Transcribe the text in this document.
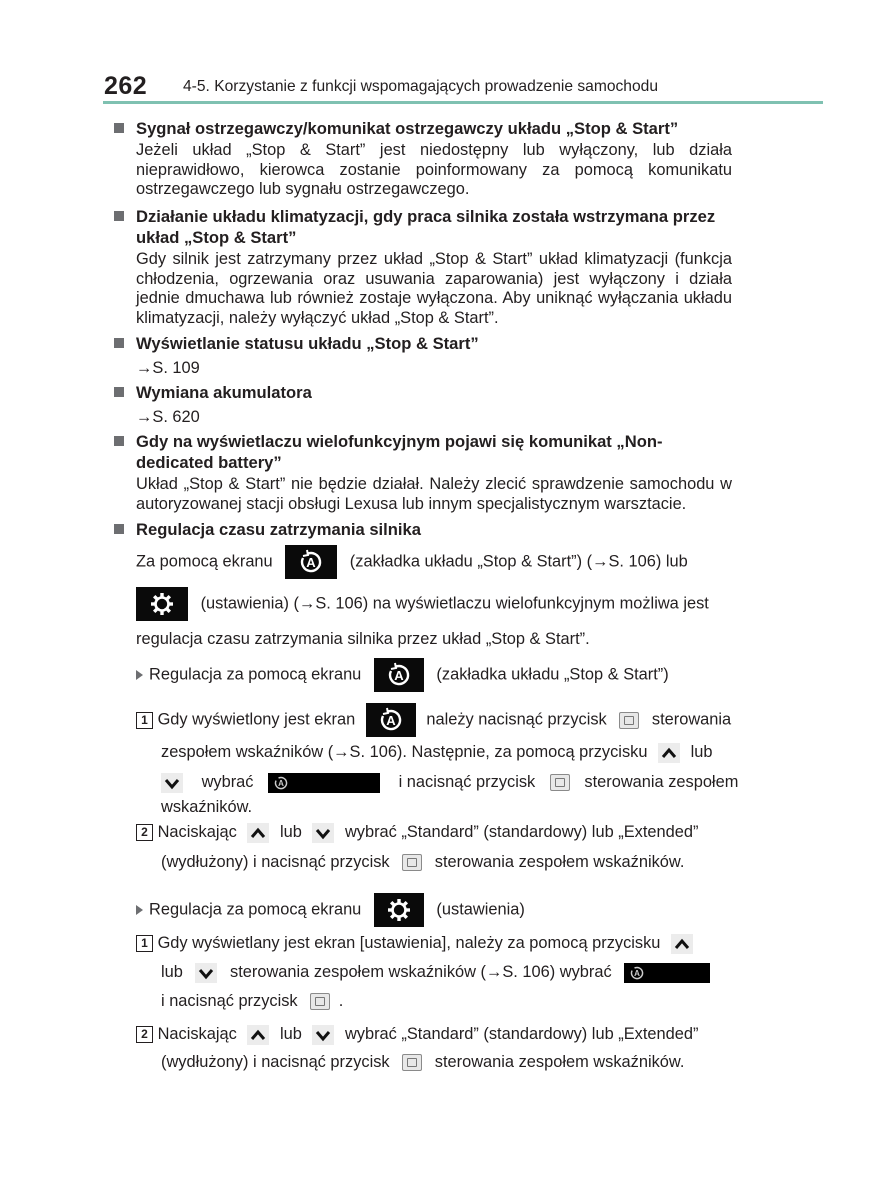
262 4-5. Korzystanie z funkcji wspomagających prowadzenie samochodu
Sygnał ostrzegawczy/komunikat ostrzegawczy układu „Stop & Start”
Jeżeli układ „Stop & Start” jest niedostępny lub wyłączony, lub działa nieprawidłowo, kierowca zostanie poinformowany za pomocą komunikatu ostrzegawczego lub sygnału ostrzegawczego.
Działanie układu klimatyzacji, gdy praca silnika została wstrzymana przez układ „Stop & Start”
Gdy silnik jest zatrzymany przez układ „Stop & Start” układ klimatyzacji (funkcja chłodzenia, ogrzewania oraz usuwania zaparowania) jest wyłączony i działa jednie dmuchawa lub również zostaje wyłączona. Aby uniknąć wyłączania układu klimatyzacji, należy wyłączyć układ „Stop & Start”.
Wyświetlanie statusu układu „Stop & Start”
→S. 109
Wymiana akumulatora
→S. 620
Gdy na wyświetlaczu wielofunkcyjnym pojawi się komunikat „Non-dedicated battery”
Układ „Stop & Start” nie będzie działał. Należy zlecić sprawdzenie samochodu w autoryzowanej stacji obsługi Lexusa lub innym specjalistycznym warsztacie.
Regulacja czasu zatrzymania silnika
Za pomocą ekranu	A (zakładka układu „Stop & Start”) (→S. 106) lub
(ustawienia) (→S. 106) na wyświetlaczu wielofunkcyjnym możliwa jest
regulacja czasu zatrzymania silnika przez układ „Stop & Start”.
Regulacja za pomocą ekranu	A (zakładka układu „Stop & Start”)
1 Gdy wyświetlony jest ekran A należy nacisnąć przycisk	sterowania
zespołem wskaźników (→S. 106). Następnie, za pomocą przycisku	lub
wybrać A	i nacisnąć przycisk	sterowania zespołem
wskaźników.
2 Naciskając	lub	wybrać „Standard” (standardowy) lub „Extended”
(wydłużony) i nacisnąć przycisk	sterowania zespołem wskaźników.
Regulacja za pomocą ekranu	(ustawienia)
1 Gdy wyświetlany jest ekran [ustawienia], należy za pomocą przycisku
lub	sterowania zespołem wskaźników (→S. 106) wybrać A
i nacisnąć przycisk	.
2 Naciskając	lub	wybrać „Standard” (standardowy) lub „Extended”
(wydłużony) i nacisnąć przycisk	sterowania zespołem wskaźników.
